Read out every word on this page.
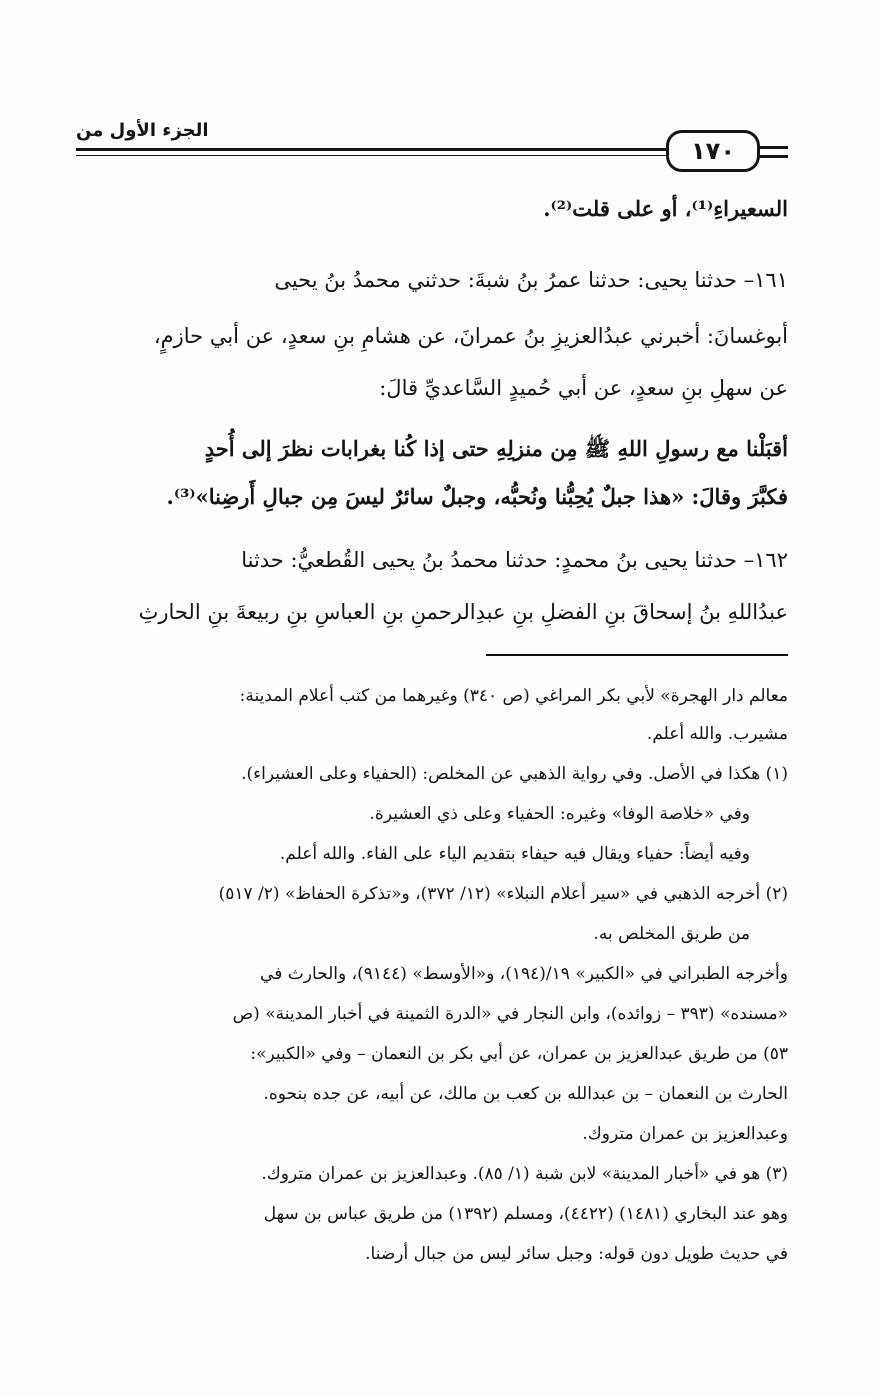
الجزء الأول من
١٧٠
السعيراءِ⁽¹⁾، أو على قلت⁽²⁾.
١٦١– حدثنا يحيى: حدثنا عمرُ بنُ شبةَ: حدثني محمدُ بنُ يحيى
أبوغسانَ: أخبرني عبدُالعزيزِ بنُ عمرانَ، عن هشامِ بنِ سعدٍ، عن أبي حازمٍ،
عن سهلِ بنِ سعدٍ، عن أبي حُميدٍ السَّاعديِّ قالَ:
أقبَلْنا مع رسولِ اللهِ ﷺ مِن منزلِهِ حتى إذا كُنا بغرابات نظرَ إلى أُحدٍ
فكبَّرَ وقالَ: «هذا جبلٌ يُحِبُّنا ونُحبُّه، وجبلٌ سائرٌ ليسَ مِن جبالِ أَرضِنا»⁽³⁾.
١٦٢– حدثنا يحيى بنُ محمدٍ: حدثنا محمدُ بنُ يحيى القُطعيُّ: حدثنا
عبدُاللهِ بنُ إسحاقَ بنِ الفضلِ بنِ عبدِالرحمنِ بنِ العباسِ بنِ ربيعةَ بنِ الحارثِ
معالم دار الهجرة» لأبي بكر المراغي (ص ٣٤٠) وغيرهما من كتب أعلام المدينة:
مشيرب. والله أعلم.
(١) هكذا في الأصل. وفي رواية الذهبي عن المخلص: (الحفياء وعلى العشيراء).
وفي «خلاصة الوفا» وغيره: الحفياء وعلى ذي العشيرة.
وفيه أيضاً: حفياء ويقال فيه حيفاء بتقديم الياء على الفاء. والله أعلم.
(٢) أخرجه الذهبي في «سير أعلام النبلاء» (١٢/ ٣٧٢)، و«تذكرة الحفاظ» (٢/ ٥١٧)
من طريق المخلص به.
وأخرجه الطبراني في «الكبير» ١٩/(١٩٤)، و«الأوسط» (٩١٤٤)، والحارث في
«مسنده» (٣٩٣ – زوائده)، وابن النجار في «الدرة الثمينة في أخبار المدينة» (ص
٥٣) من طريق عبدالعزيز بن عمران، عن أبي بكر بن النعمان – وفي «الكبير»:
الحارث بن النعمان – بن عبدالله بن كعب بن مالك، عن أبيه، عن جده بنحوه.
وعبدالعزيز بن عمران متروك.
(٣) هو في «أخبار المدينة» لابن شبة (١/ ٨٥). وعبدالعزيز بن عمران متروك.
وهو عند البخاري (١٤٨١) (٤٤٢٢)، ومسلم (١٣٩٢) من طريق عباس بن سهل
في حديث طويل دون قوله: وجبل سائر ليس من جبال أرضنا.
